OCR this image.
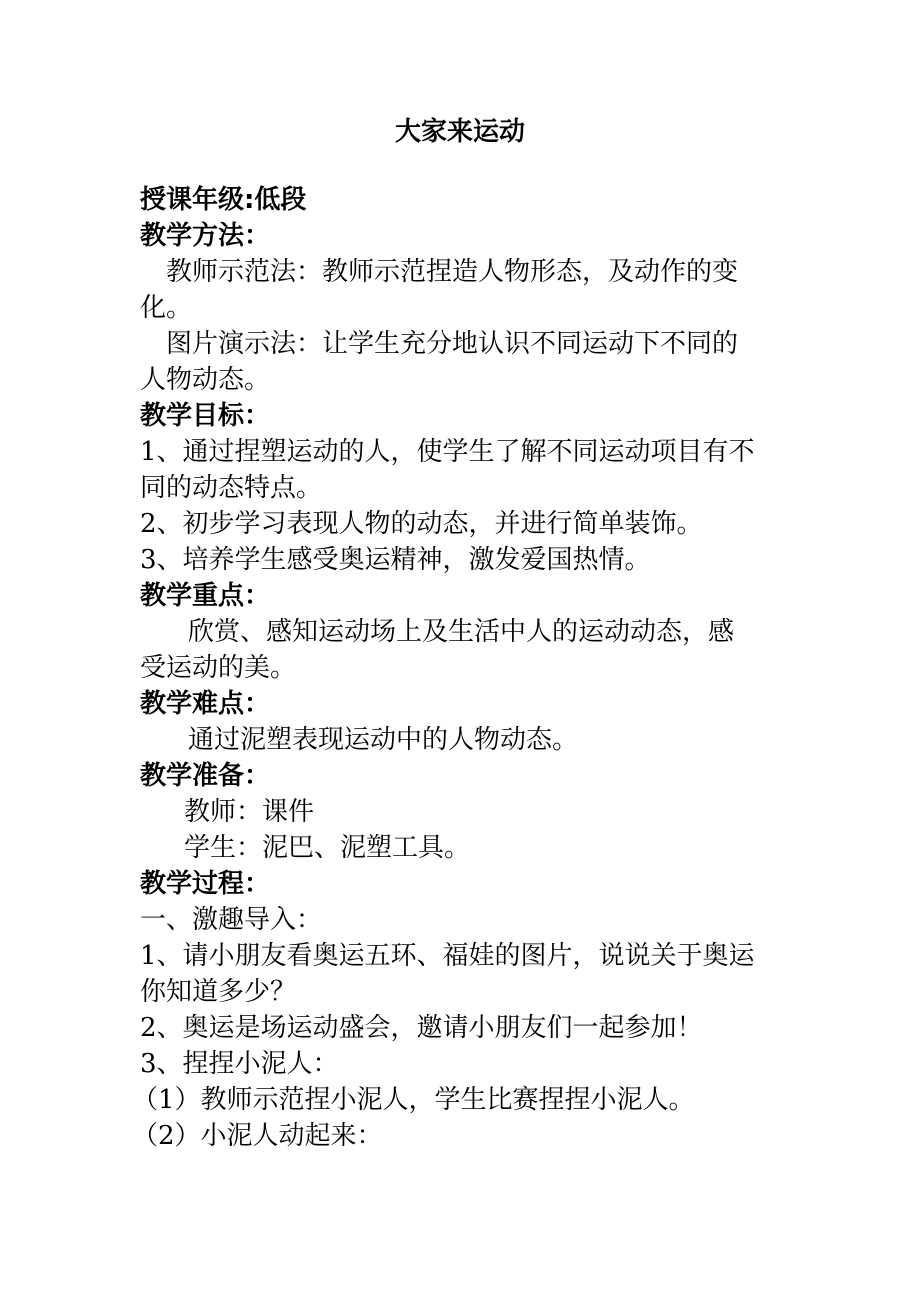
大家来运动
授课年级:低段
教学方法：
教师示范法：教师示范捏造人物形态，及动作的变
化。
图片演示法：让学生充分地认识不同运动下不同的
人物动态。
教学目标：
1、通过捏塑运动的人，使学生了解不同运动项目有不
同的动态特点。
2、初步学习表现人物的动态，并进行简单装饰。
3、培养学生感受奥运精神，激发爱国热情。
教学重点：
欣赏、感知运动场上及生活中人的运动动态，感
受运动的美。
教学难点：
通过泥塑表现运动中的人物动态。
教学准备：
教师：课件
学生：泥巴、泥塑工具。
教学过程：
一、激趣导入：
1、请小朋友看奥运五环、福娃的图片，说说关于奥运
你知道多少？
2、奥运是场运动盛会，邀请小朋友们一起参加！
3、捏捏小泥人：
（1）教师示范捏小泥人，学生比赛捏捏小泥人。
（2）小泥人动起来：
